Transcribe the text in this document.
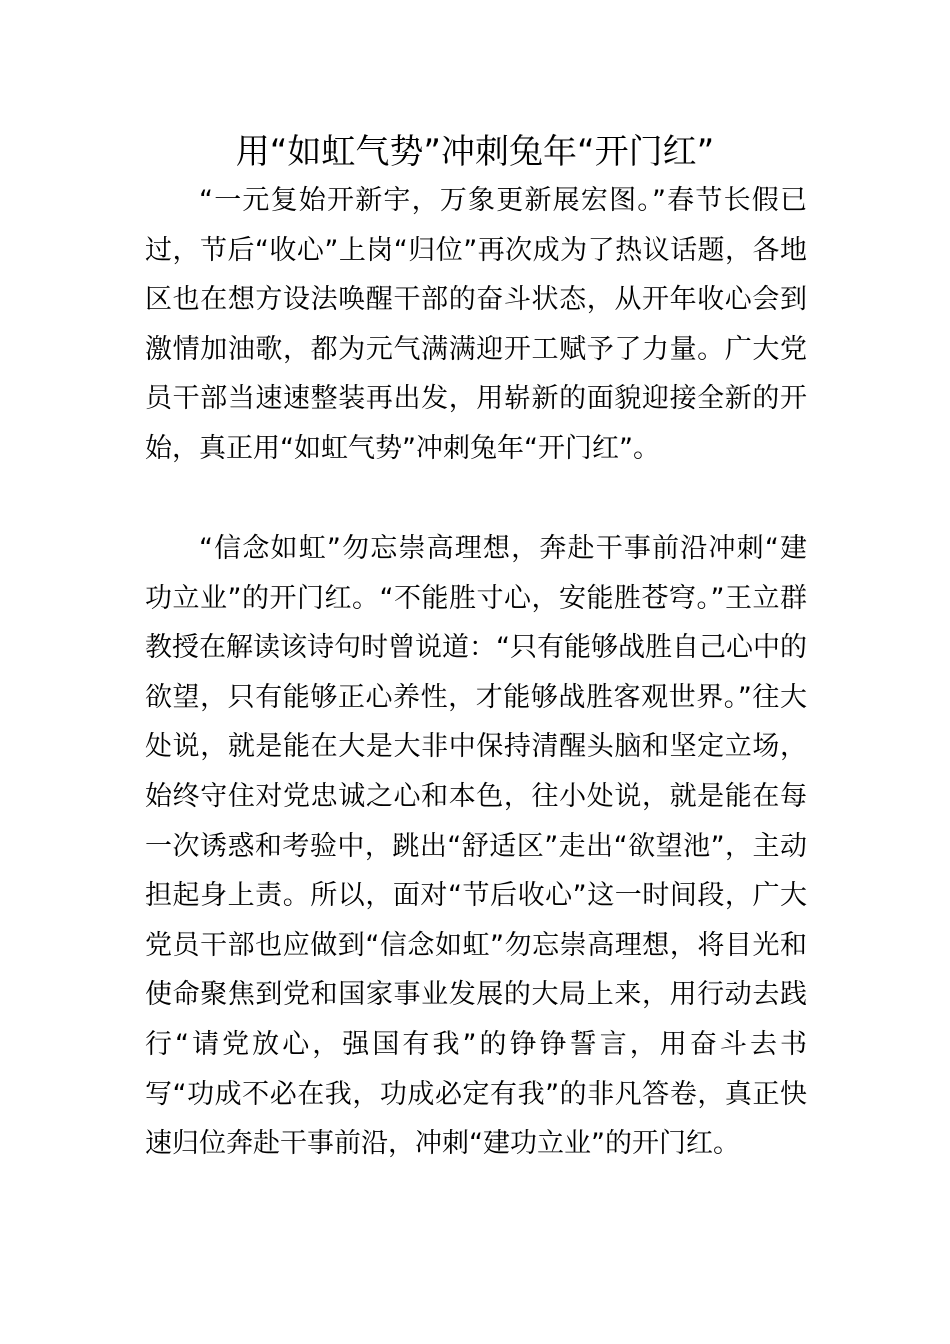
用“如虹气势”冲刺兔年“开门红”

“一元复始开新宇，万象更新展宏图。”春节长假已过，节后“收心”上岗“归位”再次成为了热议话题，各地区也在想方设法唤醒干部的奋斗状态，从开年收心会到激情加油歌，都为元气满满迎开工赋予了力量。广大党员干部当速速整装再出发，用崭新的面貌迎接全新的开始，真正用“如虹气势”冲刺兔年“开门红”。

“信念如虹”勿忘崇高理想，奔赴干事前沿冲刺“建功立业”的开门红。“不能胜寸心，安能胜苍穹。”王立群教授在解读该诗句时曾说道：“只有能够战胜自己心中的欲望，只有能够正心养性，才能够战胜客观世界。”往大处说，就是能在大是大非中保持清醒头脑和坚定立场，始终守住对党忠诚之心和本色，往小处说，就是能在每一次诱惑和考验中，跳出“舒适区”走出“欲望池”，主动担起身上责。所以，面对“节后收心”这一时间段，广大党员干部也应做到“信念如虹”勿忘崇高理想，将目光和使命聚焦到党和国家事业发展的大局上来，用行动去践行“请党放心，强国有我”的铮铮誓言，用奋斗去书写“功成不必在我，功成必定有我”的非凡答卷，真正快速归位奔赴干事前沿，冲刺“建功立业”的开门红。
